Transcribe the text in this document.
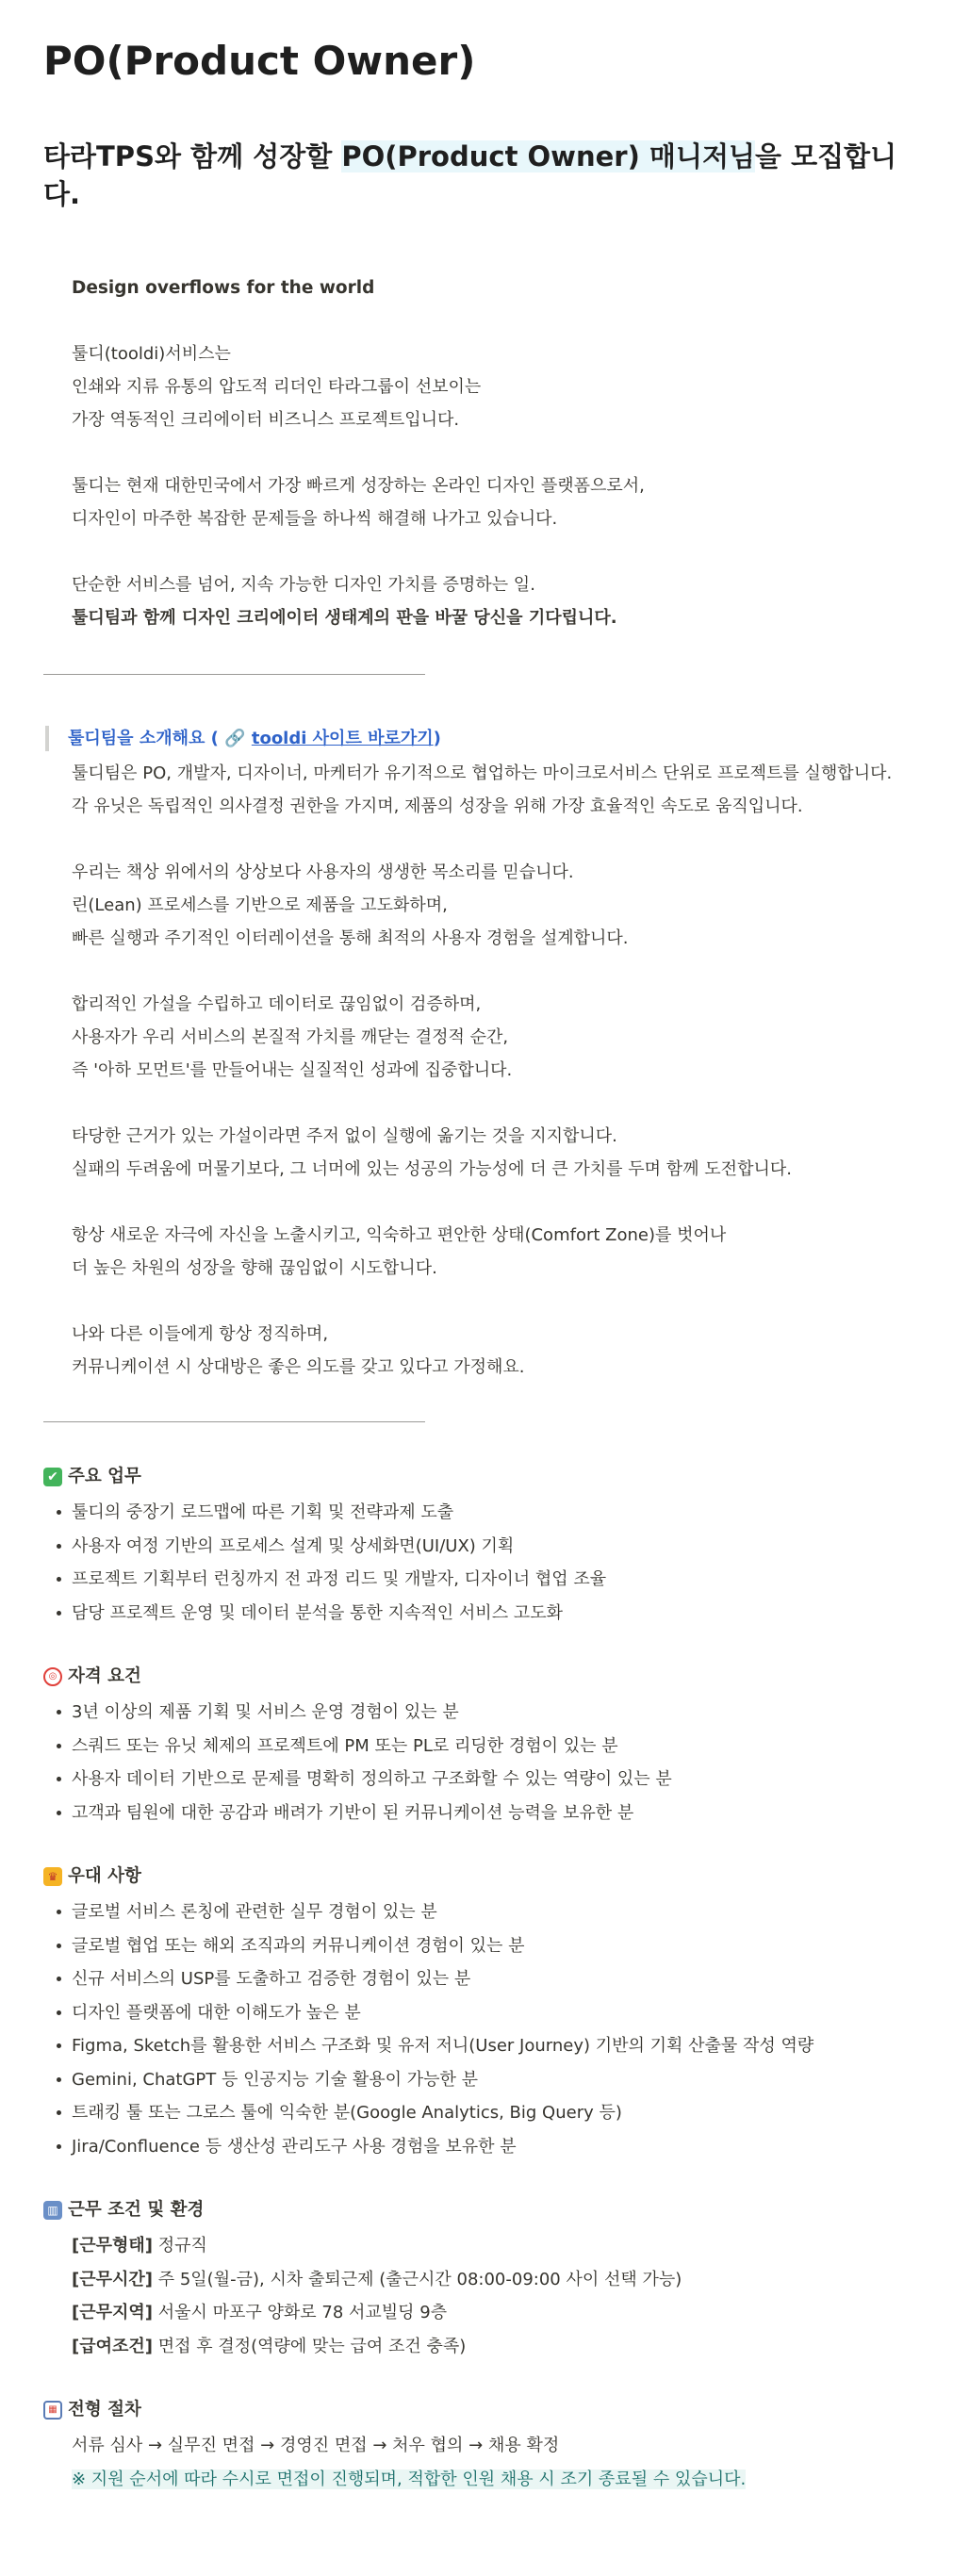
PO(Product Owner)
타라TPS와 함께 성장할 PO(Product Owner) 매니저님을 모집합니다.

Design overflows for the world

툴디(tooldi)서비스는

인쇄와 지류 유통의 압도적 리더인 타라그룹이 선보이는

가장 역동적인 크리에이터 비즈니스 프로젝트입니다.

툴디는 현재 대한민국에서 가장 빠르게 성장하는 온라인 디자인 플랫폼으로서,

디자인이 마주한 복잡한 문제들을 하나씩 해결해 나가고 있습니다.

단순한 서비스를 넘어, 지속 가능한 디자인 가치를 증명하는 일.

툴디팀과 함께 디자인 크리에이터 생태계의 판을 바꿀 당신을 기다립니다.

툴디팀을 소개해요 ( 🔗 tooldi 사이트 바로가기)

툴디팀은 PO, 개발자, 디자이너, 마케터가 유기적으로 협업하는 마이크로서비스 단위로 프로젝트를 실행합니다.

각 유닛은 독립적인 의사결정 권한을 가지며, 제품의 성장을 위해 가장 효율적인 속도로 움직입니다.

우리는 책상 위에서의 상상보다 사용자의 생생한 목소리를 믿습니다.

린(Lean) 프로세스를 기반으로 제품을 고도화하며,

빠른 실행과 주기적인 이터레이션을 통해 최적의 사용자 경험을 설계합니다.

합리적인 가설을 수립하고 데이터로 끊임없이 검증하며,

사용자가 우리 서비스의 본질적 가치를 깨닫는 결정적 순간,

즉 '아하 모먼트'를 만들어내는 실질적인 성과에 집중합니다.

타당한 근거가 있는 가설이라면 주저 없이 실행에 옮기는 것을 지지합니다.

실패의 두려움에 머물기보다, 그 너머에 있는 성공의 가능성에 더 큰 가치를 두며 함께 도전합니다.

항상 새로운 자극에 자신을 노출시키고, 익숙하고 편안한 상태(Comfort Zone)를 벗어나

더 높은 차원의 성장을 향해 끊임없이 시도합니다.

나와 다른 이들에게 항상 정직하며,

커뮤니케이션 시 상대방은 좋은 의도를 갖고 있다고 가정해요.

✔ 주요 업무
툴디의 중장기 로드맵에 따른 기획 및 전략과제 도출
사용자 여정 기반의 프로세스 설계 및 상세화면(UI/UX) 기획
프로젝트 기획부터 런칭까지 전 과정 리드 및 개발자, 디자이너 협업 조율
담당 프로젝트 운영 및 데이터 분석을 통한 지속적인 서비스 고도화
◎ 자격 요건
3년 이상의 제품 기획 및 서비스 운영 경험이 있는 분
스쿼드 또는 유닛 체제의 프로젝트에 PM 또는 PL로 리딩한 경험이 있는 분
사용자 데이터 기반으로 문제를 명확히 정의하고 구조화할 수 있는 역량이 있는 분
고객과 팀원에 대한 공감과 배려가 기반이 된 커뮤니케이션 능력을 보유한 분
♛ 우대 사항
글로벌 서비스 론칭에 관련한 실무 경험이 있는 분
글로벌 협업 또는 해외 조직과의 커뮤니케이션 경험이 있는 분
신규 서비스의 USP를 도출하고 검증한 경험이 있는 분
디자인 플랫폼에 대한 이해도가 높은 분
Figma, Sketch를 활용한 서비스 구조화 및 유저 저니(User Journey) 기반의 기획 산출물 작성 역량
Gemini, ChatGPT 등 인공지능 기술 활용이 가능한 분
트래킹 툴 또는 그로스 툴에 익숙한 분(Google Analytics, Big Query 등)
Jira/Confluence 등 생산성 관리도구 사용 경험을 보유한 분
▥ 근무 조건 및 환경

[근무형태] 정규직

[근무시간] 주 5일(월-금), 시차 출퇴근제 (출근시간 08:00-09:00 사이 선택 가능)

[근무지역] 서울시 마포구 양화로 78 서교빌딩 9층

[급여조건] 면접 후 결정(역량에 맞는 급여 조건 충족)

▦ 전형 절차

서류 심사 → 실무진 면접 → 경영진 면접 → 처우 협의 → 채용 확정

※ 지원 순서에 따라 수시로 면접이 진행되며, 적합한 인원 채용 시 조기 종료될 수 있습니다.
